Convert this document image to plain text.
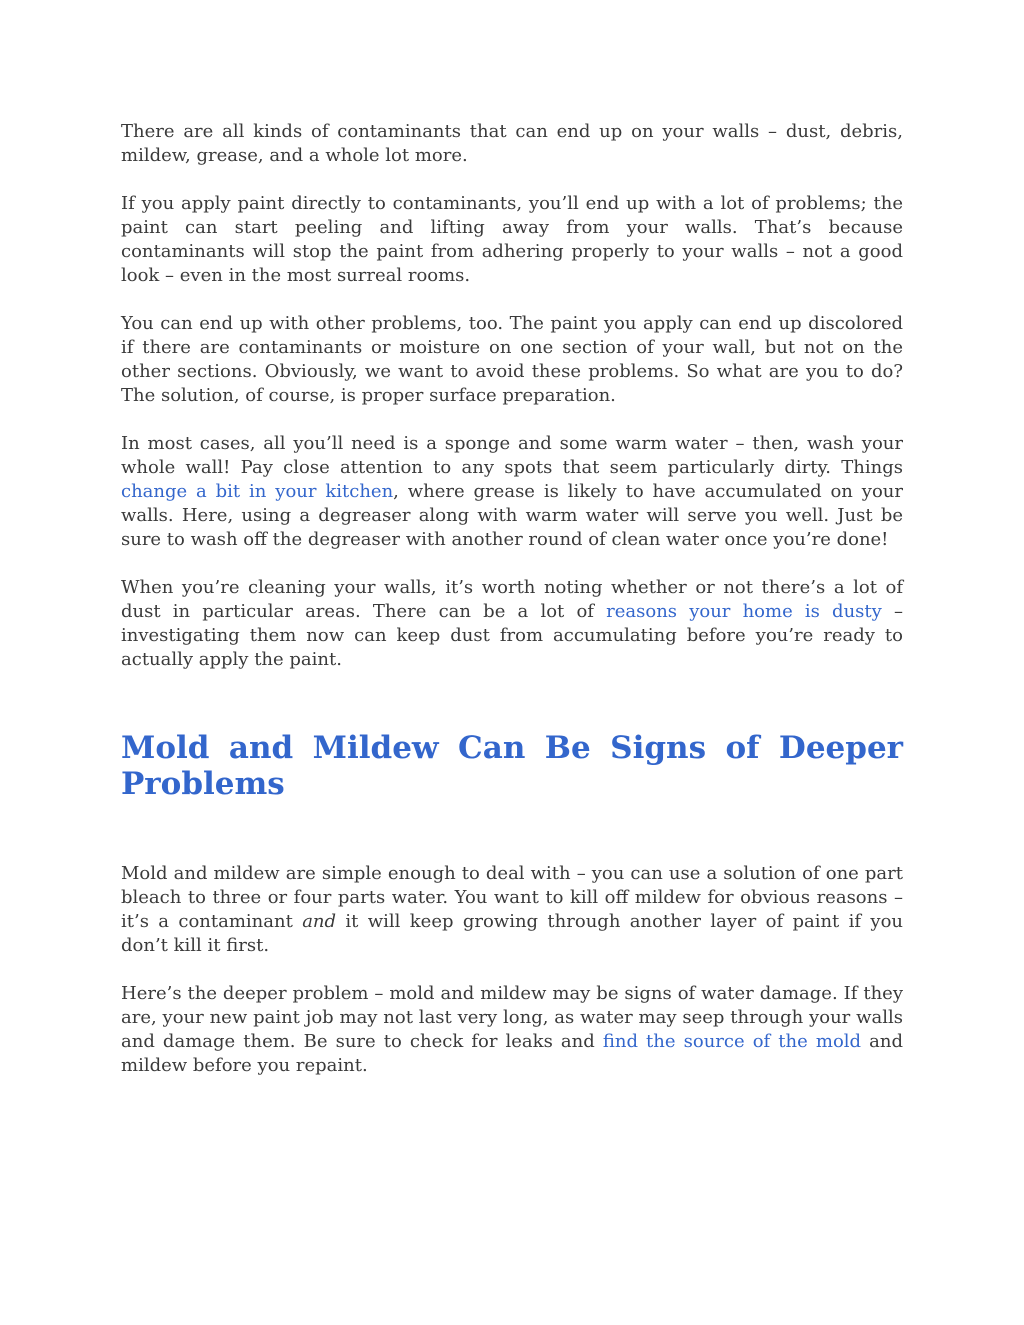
There are all kinds of contaminants that can end up on your walls – dust, debris, mildew, grease, and a whole lot more.

If you apply paint directly to contaminants, you’ll end up with a lot of problems; the paint can start peeling and lifting away from your walls. That’s because contaminants will stop the paint from adhering properly to your walls – not a good look – even in the most surreal rooms.

You can end up with other problems, too. The paint you apply can end up discolored if there are contaminants or moisture on one section of your wall, but not on the other sections. Obviously, we want to avoid these problems. So what are you to do? The solution, of course, is proper surface preparation.

In most cases, all you’ll need is a sponge and some warm water – then, wash your whole wall! Pay close attention to any spots that seem particularly dirty. Things change a bit in your kitchen, where grease is likely to have accumulated on your walls. Here, using a degreaser along with warm water will serve you well. Just be sure to wash off the degreaser with another round of clean water once you’re done!

When you’re cleaning your walls, it’s worth noting whether or not there’s a lot of dust in particular areas. There can be a lot of reasons your home is dusty – investigating them now can keep dust from accumulating before you’re ready to actually apply the paint.

Mold and Mildew Can Be Signs of Deeper Problems

Mold and mildew are simple enough to deal with – you can use a solution of one part bleach to three or four parts water. You want to kill off mildew for obvious reasons – it’s a contaminant and it will keep growing through another layer of paint if you don’t kill it first.

Here’s the deeper problem – mold and mildew may be signs of water damage. If they are, your new paint job may not last very long, as water may seep through your walls and damage them. Be sure to check for leaks and find the source of the mold and mildew before you repaint.
